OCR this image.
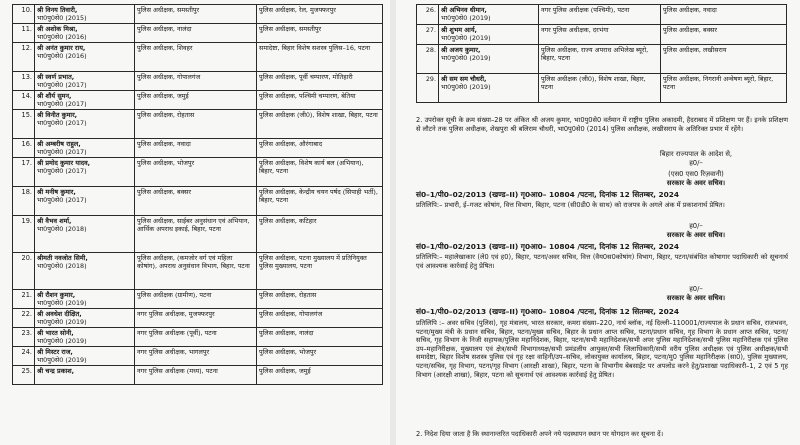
10.	श्री विनय तिवारी,
भा0पु0से0 (2015)	पुलिस अधीक्षक, समस्तीपुर	पुलिस अधीक्षक, रेल, मुजफ्फरपुर
11.	श्री अशोक मिश्रा,
भा0पु0से0 (2016)	पुलिस अधीक्षक, नालंदा	पुलिस अधीक्षक, समस्तीपुर
12.	श्री अनंत कुमार राय,
भा0पु0से0 (2016)	पुलिस अधीक्षक, शिवहर	समादेष्टा, बिहार विशेष सशस्त्र पुलिस–16, पटना
13.	श्री स्वर्ण प्रभात,
भा0पु0से0 (2017)	पुलिस अधीक्षक, गोपालगंज	पुलिस अधीक्षक, पूर्वी चम्पारण, मोतिहारी
14.	श्री शौर्य सुमन,
भा0पु0से0 (2017)	पुलिस अधीक्षक, जमुई	पुलिस अधीक्षक, पश्चिमी चम्पारण, बेतिया
15.	श्री विनीत कुमार,
भा0पु0से0 (2017)	पुलिस अधीक्षक, रोहतास	पुलिस अधीक्षक (जी0), विशेष शाखा, बिहार, पटना
16.	श्री अम्बरीष राहुल,
भा0पु0से0 (2017)	पुलिस अधीक्षक, नवादा	पुलिस अधीक्षक, औरंगाबाद
17.	श्री प्रमोद कुमार यादव,
भा0पु0से0 (2017)	पुलिस अधीक्षक, भोजपुर	पुलिस अधीक्षक, विशेष कार्य बल (अभियान), बिहार, पटना
18.	श्री मनीष कुमार,
भा0पु0से0 (2017)	पुलिस अधीक्षक, बक्सर	पुलिस अधीक्षक, केन्द्रीय चयन पर्षद (सिपाही भर्ती), बिहार, पटना
19.	श्री वैभव शर्मा,
भा0पु0से0 (2018)	पुलिस अधीक्षक, साईबर अनुसंधान एवं अभियान, आर्थिक अपराध इकाई, बिहार, पटना	पुलिस अधीक्षक, कटिहार
20.	श्रीमती नवजोत सिमी,
भा0पु0से0 (2018)	पुलिस अधीक्षक, (कमजोर वर्ग एवं महिला कोषांग), अपराध अनुसंधान विभाग, बिहार, पटना	पुलिस अधीक्षक, पटना मुख्यालय में प्रतिनियुक्त पुलिस मुख्यालय, पटना
21.	श्री रौशन कुमार,
भा0पु0से0 (2019)	पुलिस अधीक्षक (ग्रामीण), पटना	पुलिस अधीक्षक, रोहतास
22.	श्री अवधेश दीक्षित,
भा0पु0से0 (2019)	नगर पुलिस अधीक्षक, मुजफ्फरपुर	पुलिस अधीक्षक, गोपालगंज
23.	श्री भारत सोनी,
भा0पु0से0 (2019)	नगर पुलिस अधीक्षक (पूर्वी), पटना	पुलिस अधीक्षक, नालंदा
24.	श्री मिस्टर राज,
भा0पु0से0 (2019)	नगर पुलिस अधीक्षक, भागलपुर	पुलिस अधीक्षक, भोजपुर
25.	श्री चन्द्र प्रकाश,	नगर पुलिस अधीक्षक (मध्य), पटना	पुलिस अधीक्षक, जमुई
26.	श्री अभिनव धीमान,
भा0पु0से0 (2019)	नगर पुलिस अधीक्षक (पश्चिमी), पटना	पुलिस अधीक्षक, नवादा
27.	श्री शुभम आर्य,
भा0पु0से0 (2019)	नगर पुलिस अधीक्षक, दरभंगा	पुलिस अधीक्षक, बक्सर
28.	श्री अजय कुमार,
भा0पु0से0 (2019)	पुलिस अधीक्षक, राज्य अपराध अभिलेख ब्यूरो, बिहार, पटना	पुलिस अधीक्षक, लखीसराय
29.	श्री सम सम चौधरी,
भा0पु0से0 (2019)	पुलिस अधीक्षक (जी0), विशेष शाखा, बिहार, पटना	पुलिस अधीक्षक, निगरानी अन्वेषण ब्यूरो, बिहार, पटना
2. उपरोक्त सूची के क्रम संख्या–28 पर अंकित श्री अजय कुमार, भा0पु0से0 वर्तमान में राष्ट्रीय पुलिस अकादमी, हैदराबाद में प्रशिक्षण पर हैं। इनके प्रशिक्षण से लौटने तक पुलिस अधीक्षक, शेखपुरा श्री बलिराम चौधरी, भा0पु0से0 (2014) पुलिस अधीक्षक, लखीसराय के अतिरिक्त प्रभार में रहेंगे।
बिहार राज्यपाल के आदेश से,
ह0/–
(एस0 एस0 रिज़वानी)
सरकार के अवर सचिव।
सं0–1/पी0–02/2013 (खण्ड–II) गृ0आ0– 10804 /पटना, दिनांक 12 सितम्बर, 2024
प्रतिलिपि:– प्रभारी, ई–गजट कोषांग, वित्त विभाग, बिहार, पटना (सी0डी0 के साथ) को राजपत्र के अगले अंक में प्रकाशनार्थ प्रेषित।
ह0/–
सरकार के अवर सचिव।
सं0–1/पी0–02/2013 (खण्ड–II) गृ0आ0– 10804 /पटना, दिनांक 12 सितम्बर, 2024
प्रतिलिपि:– महालेखाकार (ले0 एवं ह0), बिहार, पटना/अवर सचिव, वित्त (वैय0स0कोषांग) विभाग, बिहार, पटना/संबंधित कोषागार पदाधिकारी को सूचनार्थ एवं आवश्यक कार्रवाई हेतु प्रेषित।
ह0/–
सरकार के अवर सचिव।
सं0–1/पी0–02/2013 (खण्ड–II) गृ0आ0– 10804 /पटना, दिनांक 12 सितम्बर, 2024
प्रतिलिपि :– अवर सचिव (पुलिस), गृह मंत्रालय, भारत सरकार, कमरा संख्या–220, नार्थ ब्लॉक, नई दिल्ली–110001/राज्यपाल के प्रधान सचिव, राजभवन, पटना/मुख्य मंत्री के प्रधान सचिव, बिहार, पटना/मुख्य सचिव, बिहार के प्रधान आप्त सचिव, पटना/प्रधान सचिव, गृह विभाग के प्रधान आप्त सचिव, पटना/सचिव, गृह विभाग के निजी सहायक/पुलिस महानिदेशक, बिहार, पटना/सभी महानिदेशक/सभी अपर पुलिस महानिदेशक/सभी पुलिस महानिरीक्षक एवं पुलिस उप–महानिरीक्षक, मुख्यालय एवं क्षेत्र/सभी विभागाध्यक्ष/सभी प्रमंडलीय आयुक्त/सभी जिलाधिकारी/सभी वरीय पुलिस अधीक्षक एवं पुलिस अधीक्षक/सभी समादेष्टा, बिहार विशेष सशस्त्र पुलिस एवं गृह रक्षा वाहिनी/उप–सचिव, लोकायुक्त कार्यालय, बिहार, पटना/मु0 पुलिस महानिरीक्षक (सा0), पुलिस मुख्यालय, पटना/सचिव, गृह विभाग, पटना/गृह विभाग (आरक्षी शाखा), बिहार, पटना के विभागीय बेबसाईट पर अपलोड करने हेतु/प्रशाखा पदाधिकारी–1, 2 एवं 5 गृह विभाग (आरक्षी शाखा), बिहार, पटना को सूचनार्थ एवं आवश्यक कार्रवाई हेतु प्रेषित।
2. निदेश दिया जाता है कि स्थानान्तरित पदाधिकारी अपने नये पदस्थापन स्थान पर योगदान कर सूचना दें।
